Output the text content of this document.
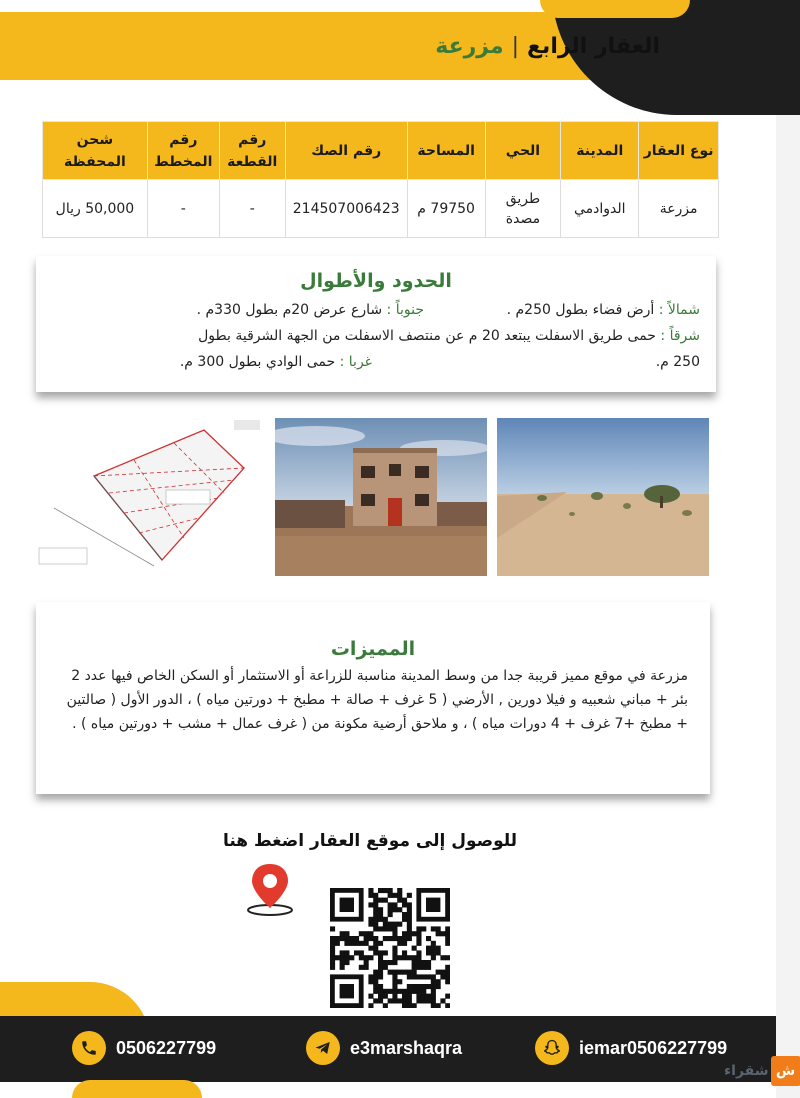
العقار الرابع|مزرعة
نوع العقار	المدينة	الحي	المساحة	رقم الصك	رقم القطعة	رقم المخطط	شحن المحفظة
مزرعة	الدوادمي	طريق مصدة	79750 م	214507006423	-	-	50,000 ريال
الحدود والأطوال
شمالاً : أرض فضاء بطول 250م .
جنوباً : شارع عرض 20م بطول 330م .
شرقاً : حمى طريق الاسفلت يبتعد 20 م عن منتصف الاسفلت من الجهة الشرقية بطول
250 م.
غربا : حمى الوادي بطول 300 م.
المميزات
مزرعة في موقع مميز قريبة جدا من وسط المدينة مناسبة للزراعة أو الاستثمار أو السكن الخاص فيها عدد 2 بئر + مباني شعبيه و فيلا دورين , الأرضي ( 5 غرف + صالة + مطبخ + دورتين مياه ) ، الدور الأول ( صالتين + مطبخ +7 غرف + 4 دورات مياه ) ، و ملاحق أرضية مكونة من ( غرف عمال + مشب + دورتين مياه ) .
للوصول إلى موقع العقار اضغط هنا
0506227799	e3marshaqra	iemar0506227799
ش
شقراء
